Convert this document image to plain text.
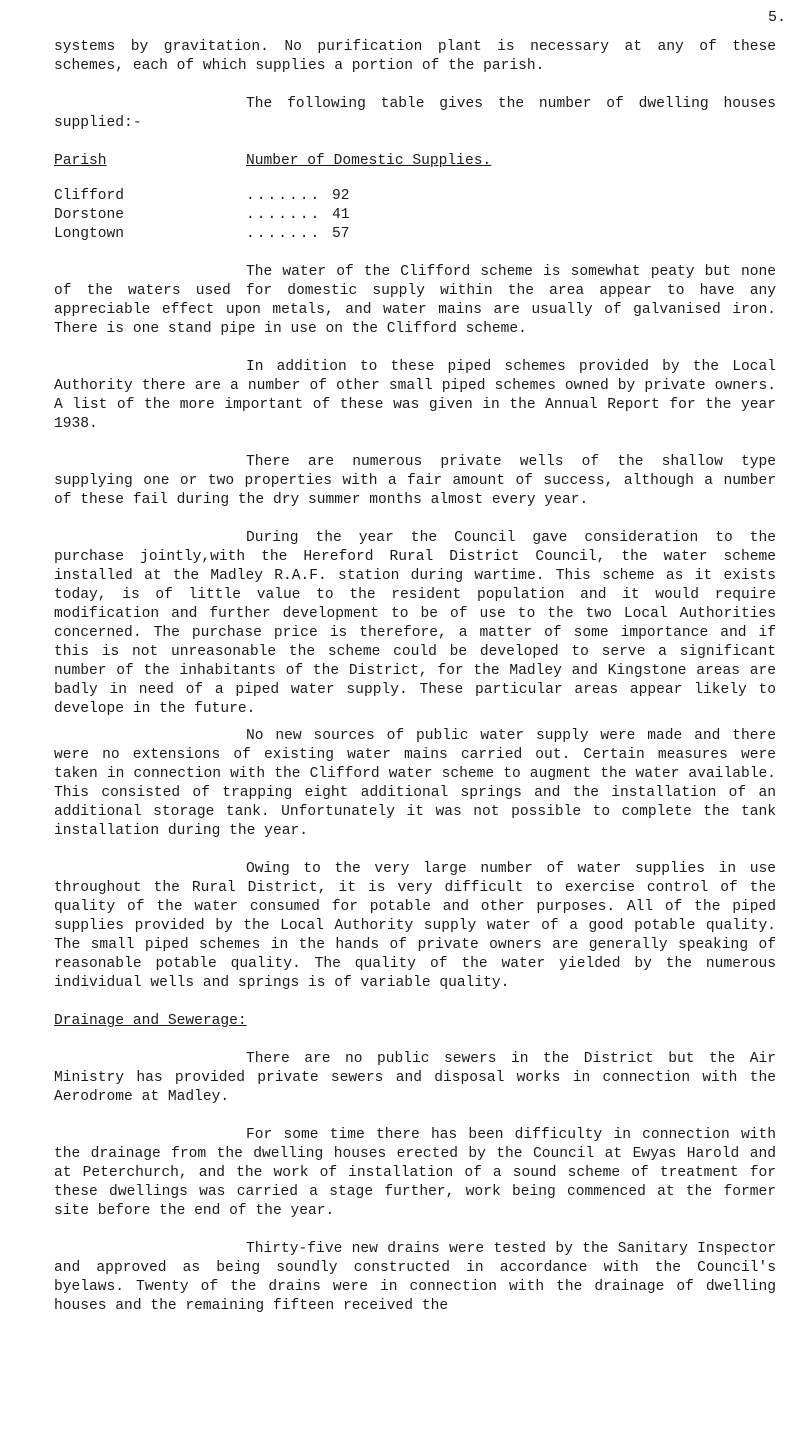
5.

systems by gravitation. No purification plant is necessary at any of these schemes, each of which supplies a portion of the parish.

The following table gives the number of dwelling houses supplied:-

Parish	Number of Domestic Supplies.
Clifford	....... 92
Dorstone	....... 41
Longtown	....... 57

The water of the Clifford scheme is somewhat peaty but none of the waters used for domestic supply within the area appear to have any appreciable effect upon metals, and water mains are usually of galvanised iron. There is one stand pipe in use on the Clifford scheme.

In addition to these piped schemes provided by the Local Authority there are a number of other small piped schemes owned by private owners. A list of the more important of these was given in the Annual Report for the year 1938.

There are numerous private wells of the shallow type supplying one or two properties with a fair amount of success, although a number of these fail during the dry summer months almost every year.

During the year the Council gave consideration to the purchase jointly,with the Hereford Rural District Council, the water scheme installed at the Madley R.A.F. station during wartime. This scheme as it exists today, is of little value to the resident population and it would require modification and further development to be of use to the two Local Authorities concerned. The purchase price is therefore, a matter of some importance and if this is not unreasonable the scheme could be developed to serve a significant number of the inhabitants of the District, for the Madley and Kingstone areas are badly in need of a piped water supply. These particular areas appear likely to develope in the future.

No new sources of public water supply were made and there were no extensions of existing water mains carried out. Certain measures were taken in connection with the Clifford water scheme to augment the water available. This consisted of trapping eight additional springs and the installation of an additional storage tank. Unfortunately it was not possible to complete the tank installation during the year.

Owing to the very large number of water supplies in use throughout the Rural District, it is very difficult to exercise control of the quality of the water consumed for potable and other purposes. All of the piped supplies provided by the Local Authority supply water of a good potable quality. The small piped schemes in the hands of private owners are generally speaking of reasonable potable quality. The quality of the water yielded by the numerous individual wells and springs is of variable quality.

Drainage and Sewerage:

There are no public sewers in the District but the Air Ministry has provided private sewers and disposal works in connection with the Aerodrome at Madley.

For some time there has been difficulty in connection with the drainage from the dwelling houses erected by the Council at Ewyas Harold and at Peterchurch, and the work of installation of a sound scheme of treatment for these dwellings was carried a stage further, work being commenced at the former site before the end of the year.

Thirty-five new drains were tested by the Sanitary Inspector and approved as being soundly constructed in accordance with the Council's byelaws. Twenty of the drains were in connection with the drainage of dwelling houses and the remaining fifteen received the
